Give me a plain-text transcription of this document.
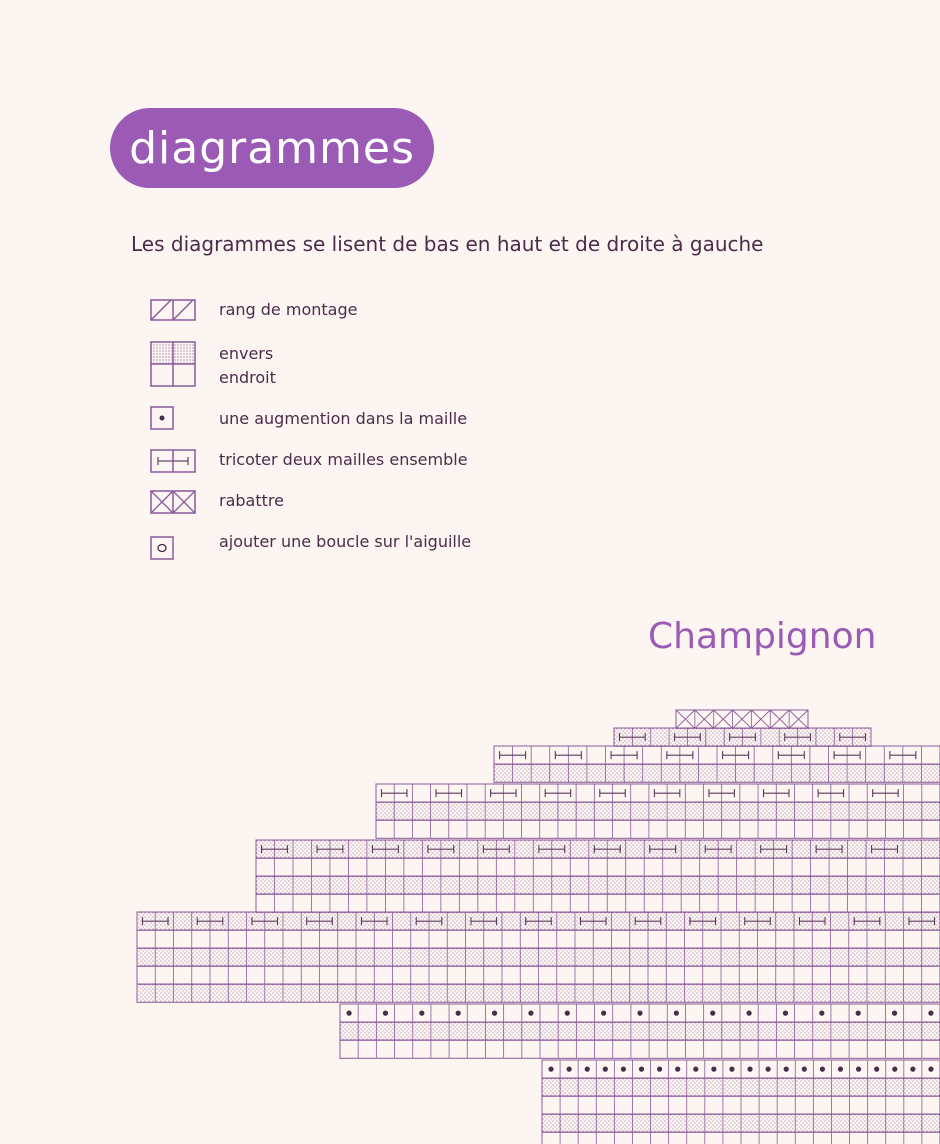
diagrammes
Les diagrammes se lisent de bas en haut et de droite à gauche
rang de montage
envers
endroit
une augmention dans la maille
tricoter deux mailles ensemble
rabattre
ajouter une boucle sur l'aiguille
Champignon
